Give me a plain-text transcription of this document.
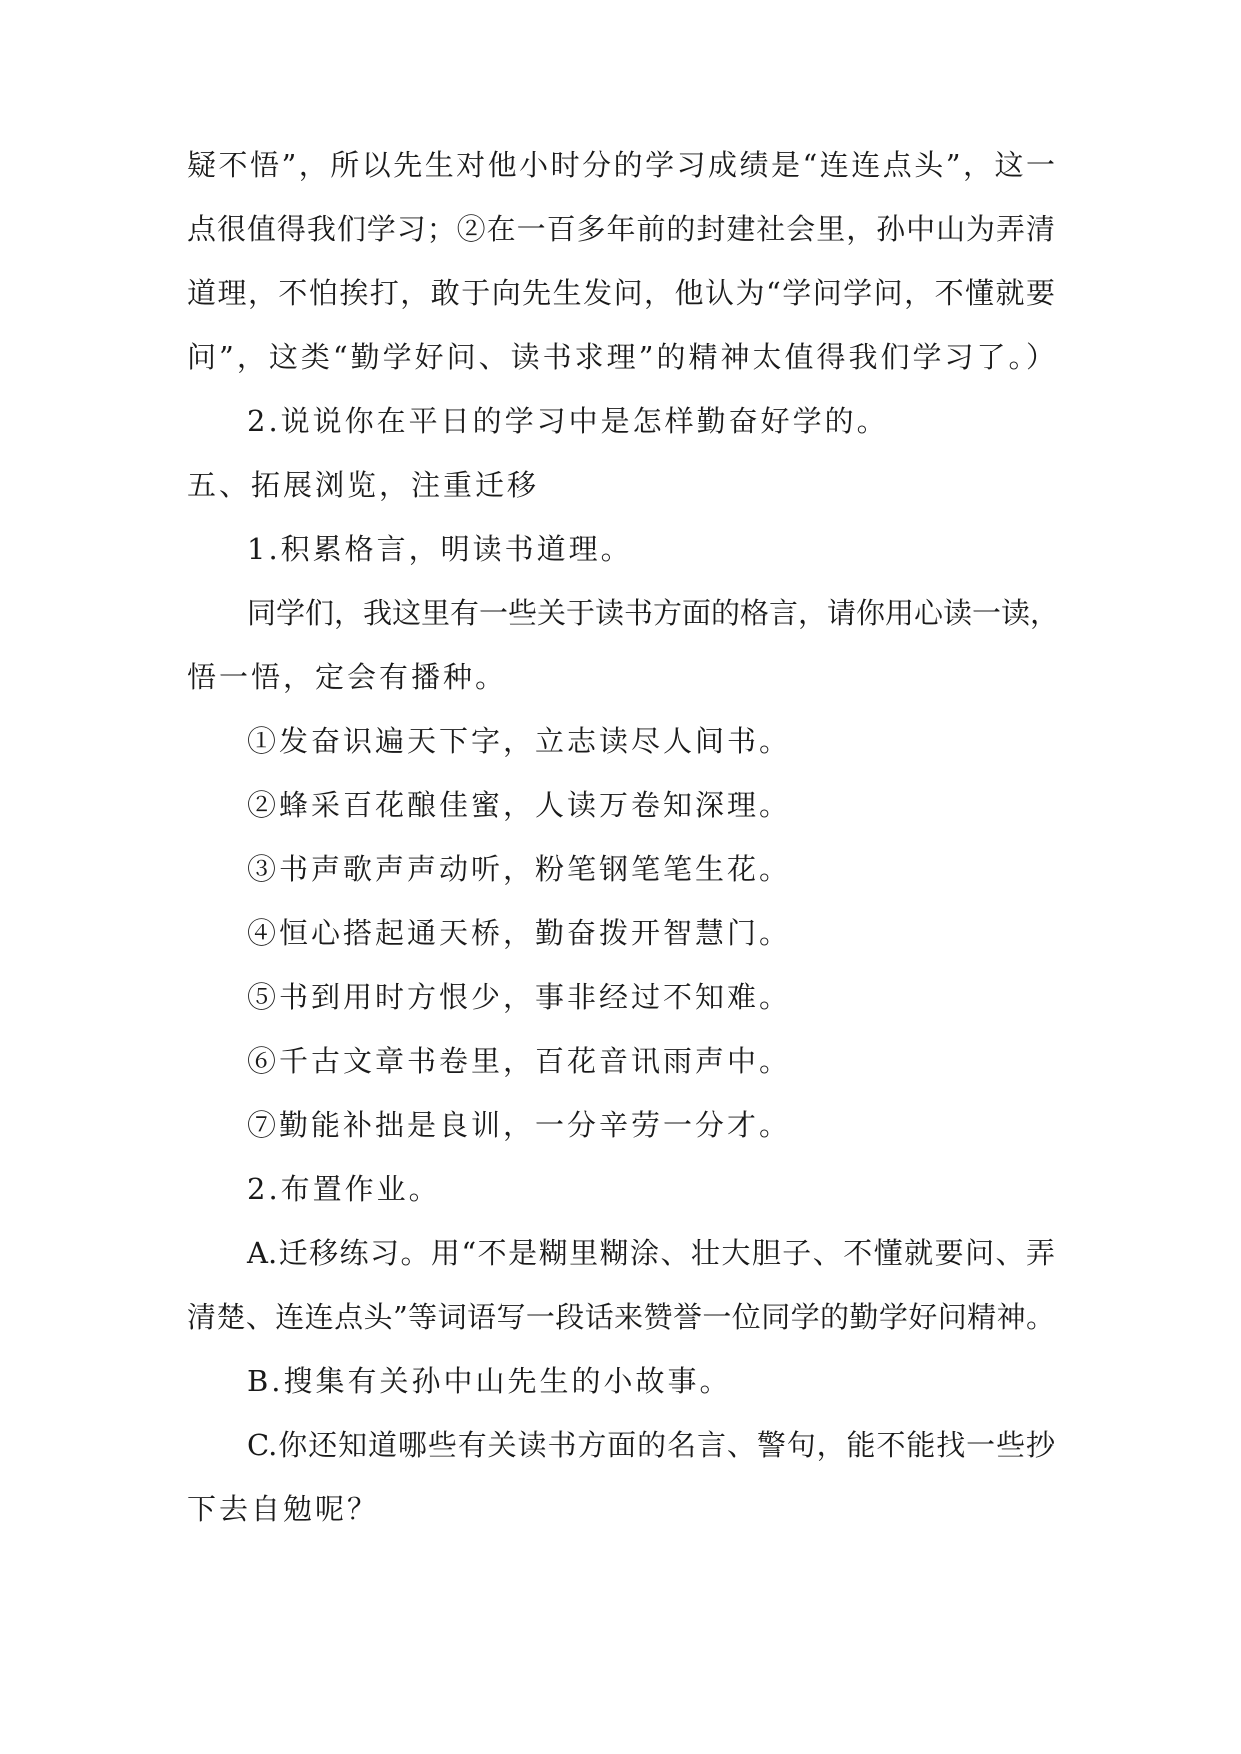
疑不悟”，所以先生对他小时分的学习成绩是“连连点头”，这一
点很值得我们学习；②在一百多年前的封建社会里，孙中山为弄清
道理，不怕挨打，敢于向先生发问，他认为“学问学问，不懂就要
问”，这类“勤学好问、读书求理”的精神太值得我们学习了。）
2.说说你在平日的学习中是怎样勤奋好学的。
五、拓展浏览，注重迁移
1.积累格言，明读书道理。
同学们，我这里有一些关于读书方面的格言，请你用心读一读，
悟一悟，定会有播种。
①发奋识遍天下字，立志读尽人间书。
②蜂采百花酿佳蜜，人读万卷知深理。
③书声歌声声动听，粉笔钢笔笔生花。
④恒心搭起通天桥，勤奋拨开智慧门。
⑤书到用时方恨少，事非经过不知难。
⑥千古文章书卷里，百花音讯雨声中。
⑦勤能补拙是良训，一分辛劳一分才。
2.布置作业。
A.迁移练习。用“不是糊里糊涂、壮大胆子、不懂就要问、弄
清楚、连连点头”等词语写一段话来赞誉一位同学的勤学好问精神。
B.搜集有关孙中山先生的小故事。
C.你还知道哪些有关读书方面的名言、警句，能不能找一些抄
下去自勉呢？
